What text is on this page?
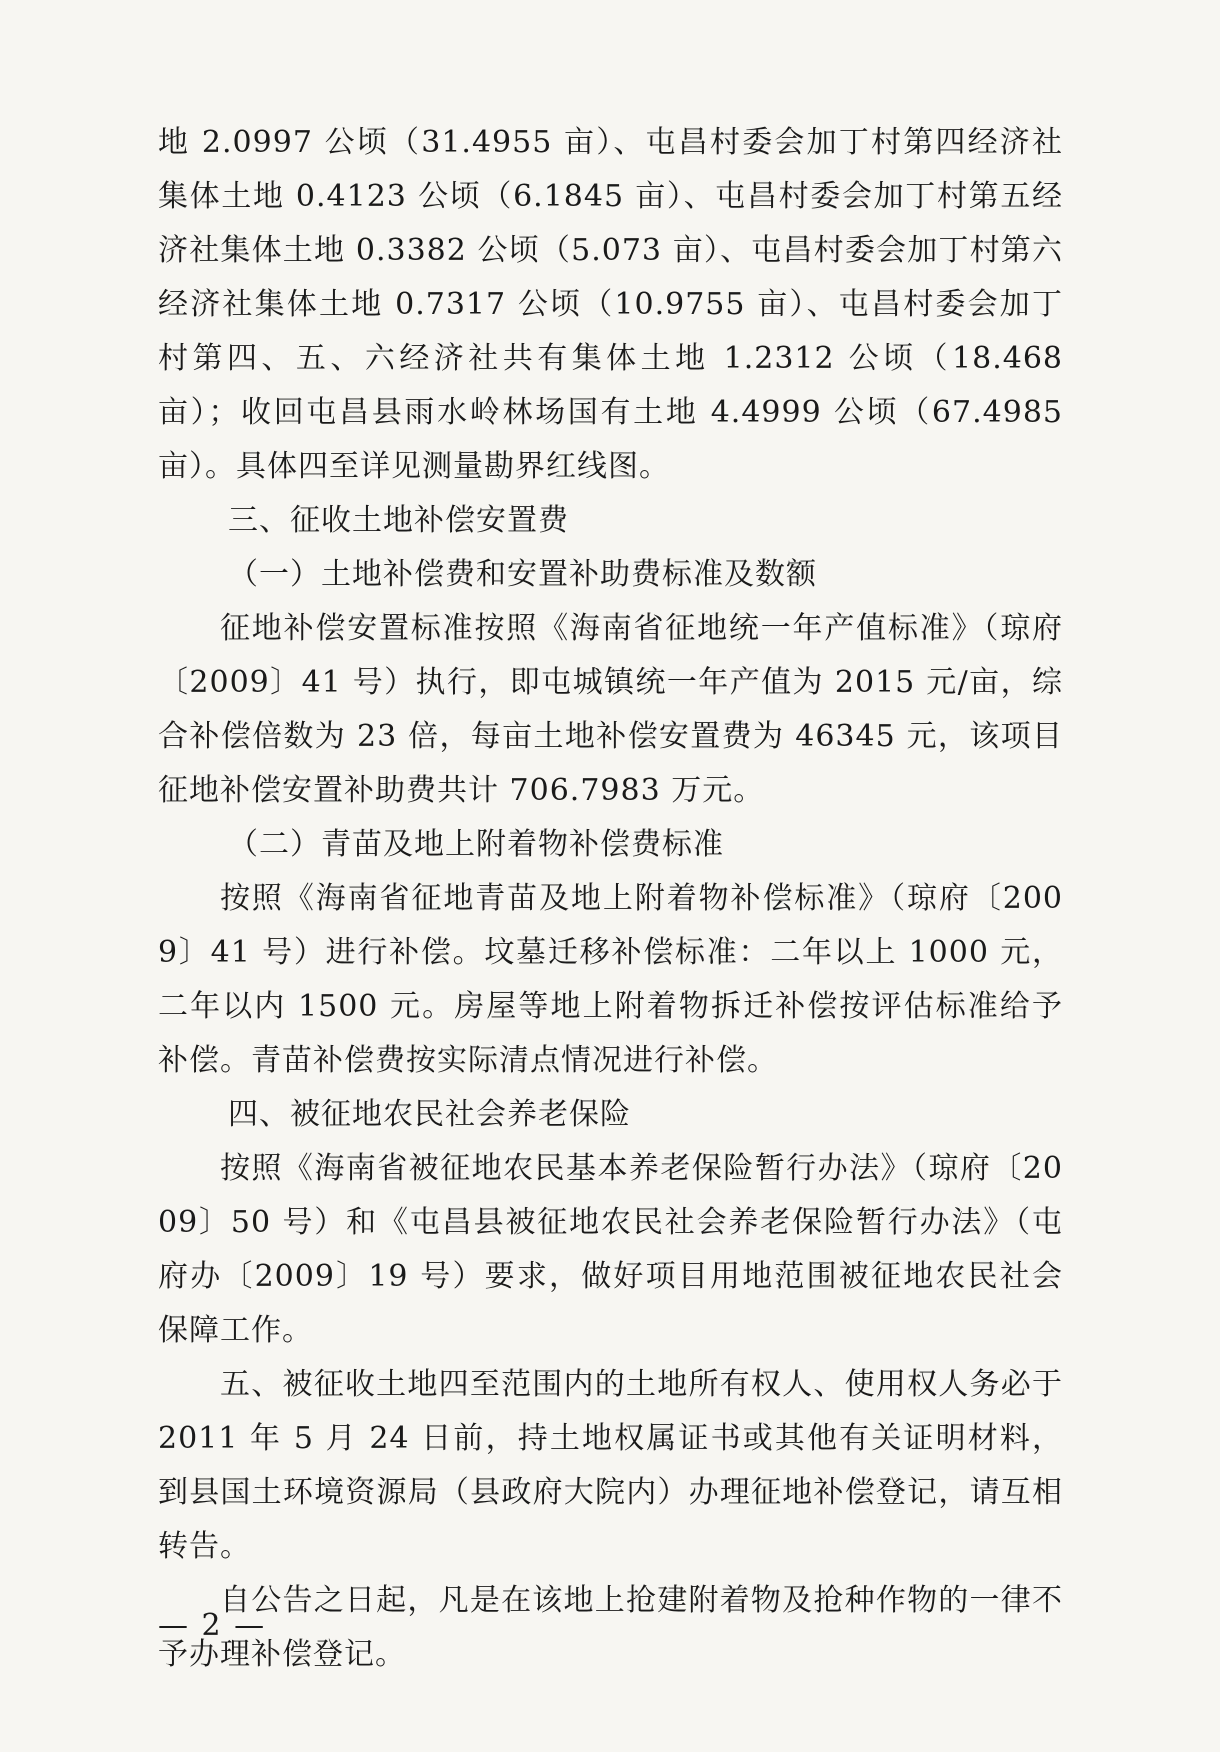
地 2.0997 公顷（31.4955 亩）、屯昌村委会加丁村第四经济社集体土地 0.4123 公顷（6.1845 亩）、屯昌村委会加丁村第五经济社集体土地 0.3382 公顷（5.073 亩）、屯昌村委会加丁村第六经济社集体土地 0.7317 公顷（10.9755 亩）、屯昌村委会加丁村第四、五、六经济社共有集体土地 1.2312 公顷（18.468 亩）；收回屯昌县雨水岭林场国有土地 4.4999 公顷（67.4985 亩）。具体四至详见测量勘界红线图。

三、征收土地补偿安置费

（一）土地补偿费和安置补助费标准及数额

征地补偿安置标准按照《海南省征地统一年产值标准》（琼府〔2009〕41 号）执行，即屯城镇统一年产值为 2015 元/亩，综合补偿倍数为 23 倍，每亩土地补偿安置费为 46345 元，该项目征地补偿安置补助费共计 706.7983 万元。

（二）青苗及地上附着物补偿费标准

按照《海南省征地青苗及地上附着物补偿标准》（琼府〔2009〕41 号）进行补偿。坟墓迁移补偿标准：二年以上 1000 元，二年以内 1500 元。房屋等地上附着物拆迁补偿按评估标准给予补偿。青苗补偿费按实际清点情况进行补偿。

四、被征地农民社会养老保险

按照《海南省被征地农民基本养老保险暂行办法》（琼府〔2009〕50 号）和《屯昌县被征地农民社会养老保险暂行办法》（屯府办〔2009〕19 号）要求，做好项目用地范围被征地农民社会保障工作。

五、被征收土地四至范围内的土地所有权人、使用权人务必于 2011 年 5 月 24 日前，持土地权属证书或其他有关证明材料，到县国土环境资源局（县政府大院内）办理征地补偿登记，请互相转告。

自公告之日起，凡是在该地上抢建附着物及抢种作物的一律不予办理补偿登记。

— 2 —
